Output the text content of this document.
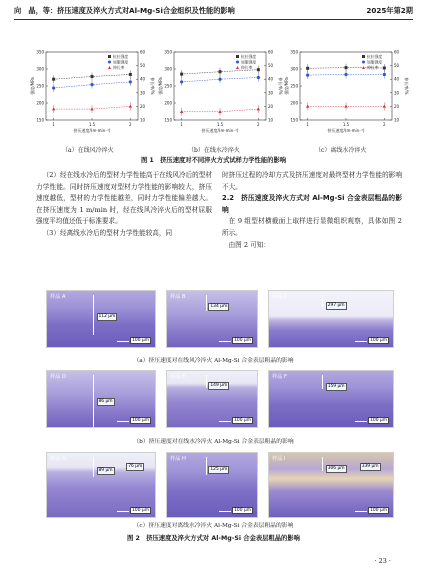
向　晶，等：挤压速度及淬火方式对Al-Mg-Si合金组织及性能的影响	2025年第2期
150
200
250
300
350
10
20
30
40
50
60
1	1.5	2
挤压速度/(m·min⁻¹)
强度/MPa	伸长率/%
抗拉强度
屈服强度
伸长率
150
200
250
300
350
10
20
30
40
50
60
1	1.5	2
挤压速度/(m·min⁻¹)
强度/MPa	伸长率/%
抗拉强度
屈服强度
伸长率
150
200
250
300
350
10
20
30
40
50
60
1	1.5	2
挤压速度/(m·min⁻¹)
强度/MPa	伸长率/%
抗拉强度
屈服强度
伸长率
（a）在线风冷淬火	（b）在线水冷淬火	（c）离线水冷淬火
图 1　挤压速度对不同淬火方式试样力学性能的影响

（2）经在线水冷后的型材力学性能高于在线风冷后的型材力学性能。同时挤压速度对型材力学性能的影响较大，挤压速度越低，型材的力学性能越差，同时力学性能偏差越大。在挤压速度为 1 m/min 时，经在线风冷淬火后的型材屈服强度平均值还低于标准要求。

（3）经离线水冷后的型材力学性能较高，同

时挤压过程的冷却方式及挤压速度对最终型材力学性能的影响不大。

2.2　挤压速度及淬火方式对 Al-Mg-Si 合金表层粗晶的影响

在 9 组型材横截面上取样进行显微组织观察，具体如图 2 所示。

由图 2 可知：

样品 A
112 μm
100 μm
样品 B
134 μm
100 μm
样品 C
297 μm
100 μm
（a）挤压速度对在线风冷淬火 Al-Mg-Si 合金表层粗晶的影响
样品 D
86 μm
100 μm
样品 E
149 μm
100 μm
样品 F
159 μm
100 μm
（b）挤压速度对在线水冷淬火 Al-Mg-Si 合金表层粗晶的影响
样品 G
89 μm
76 μm
100 μm
样品 H
125 μm
100 μm
样品 I
306 μm	339 μm
100 μm
（c）挤压速度对离线水冷淬火 Al-Mg-Si 合金表层粗晶的影响
图 2　挤压速度及淬火方式对 Al-Mg-Si 合金表层粗晶的影响
· 23 ·
